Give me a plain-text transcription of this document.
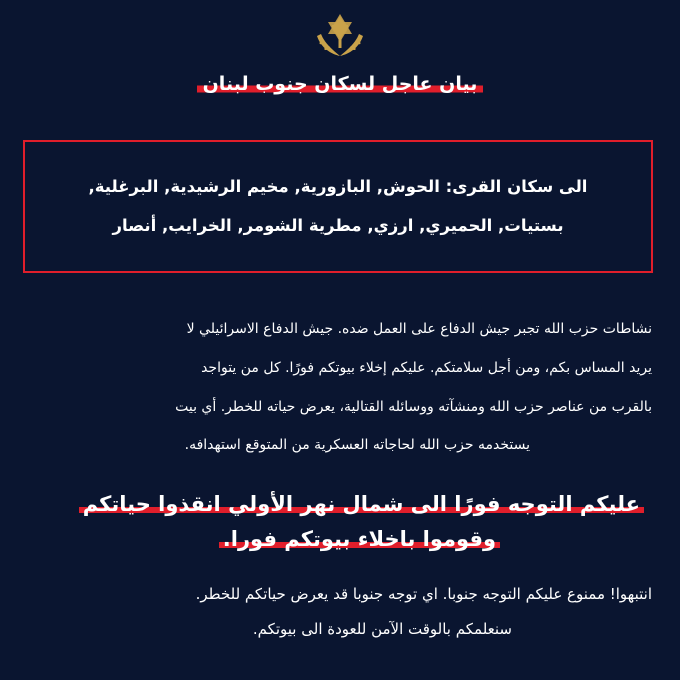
بيان عاجل لسكان جنوب لبنان
الى سكان القرى: الحوش, البازورية, مخيم الرشيدية, البرغلية,
بستيات, الحميري, ارزي, مطرية الشومر, الخرايب, أنصار
نشاطات حزب الله تجبر جيش الدفاع على العمل ضده. جيش الدفاع الاسرائيلي لا
يريد المساس بكم، ومن أجل سلامتكم. عليكم إخلاء بيوتكم فورًا. كل من يتواجد
بالقرب من عناصر حزب الله ومنشآته ووسائله القتالية، يعرض حياته للخطر. أي بيت
يستخدمه حزب الله لحاجاته العسكرية من المتوقع استهدافه.
عليكم التوجه فورًا الى شمال نهر الأولي انقذوا حياتكم
وقوموا باخلاء بيوتكم فورا.
انتبهوا! ممنوع عليكم التوجه جنوبا. اي توجه جنوبا قد يعرض حياتكم للخطر.
سنعلمكم بالوقت الآمن للعودة الى بيوتكم.
